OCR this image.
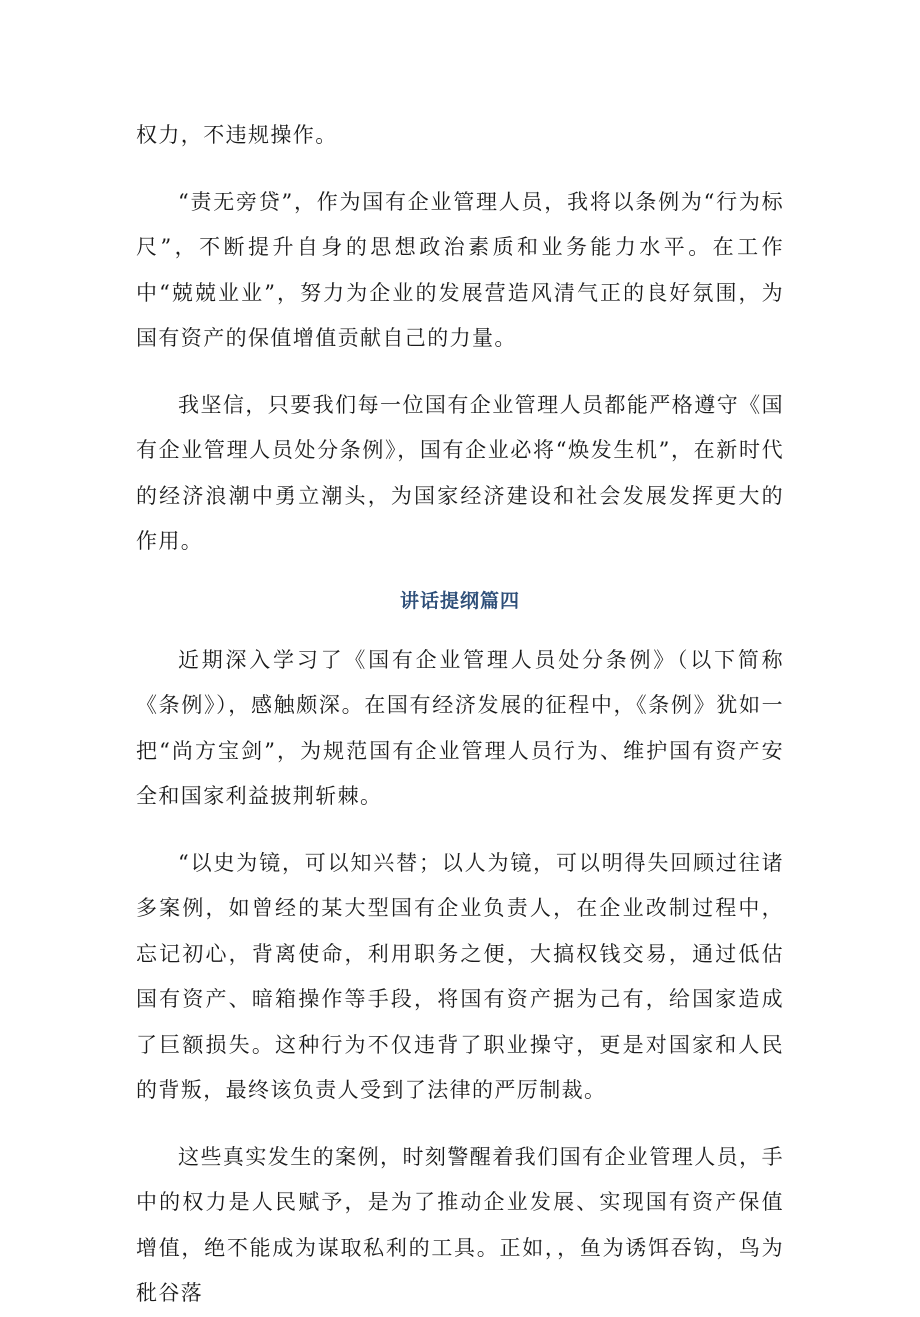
权力，不违规操作。

“责无旁贷”，作为国有企业管理人员，我将以条例为“行为标尺”，不断提升自身的思想政治素质和业务能力水平。在工作中“兢兢业业”，努力为企业的发展营造风清气正的良好氛围，为国有资产的保值增值贡献自己的力量。

我坚信，只要我们每一位国有企业管理人员都能严格遵守《国有企业管理人员处分条例》，国有企业必将“焕发生机”，在新时代的经济浪潮中勇立潮头，为国家经济建设和社会发展发挥更大的作用。

讲话提纲篇四

近期深入学习了《国有企业管理人员处分条例》（以下简称《条例》），感触颇深。在国有经济发展的征程中，《条例》犹如一把“尚方宝剑”，为规范国有企业管理人员行为、维护国有资产安全和国家利益披荆斩棘。

“以史为镜，可以知兴替；以人为镜，可以明得失回顾过往诸多案例，如曾经的某大型国有企业负责人，在企业改制过程中，忘记初心，背离使命，利用职务之便，大搞权钱交易，通过低估国有资产、暗箱操作等手段，将国有资产据为己有，给国家造成了巨额损失。这种行为不仅违背了职业操守，更是对国家和人民的背叛，最终该负责人受到了法律的严厉制裁。

这些真实发生的案例，时刻警醒着我们国有企业管理人员，手中的权力是人民赋予，是为了推动企业发展、实现国有资产保值增值，绝不能成为谋取私利的工具。正如，，鱼为诱饵吞钩，鸟为秕谷落
